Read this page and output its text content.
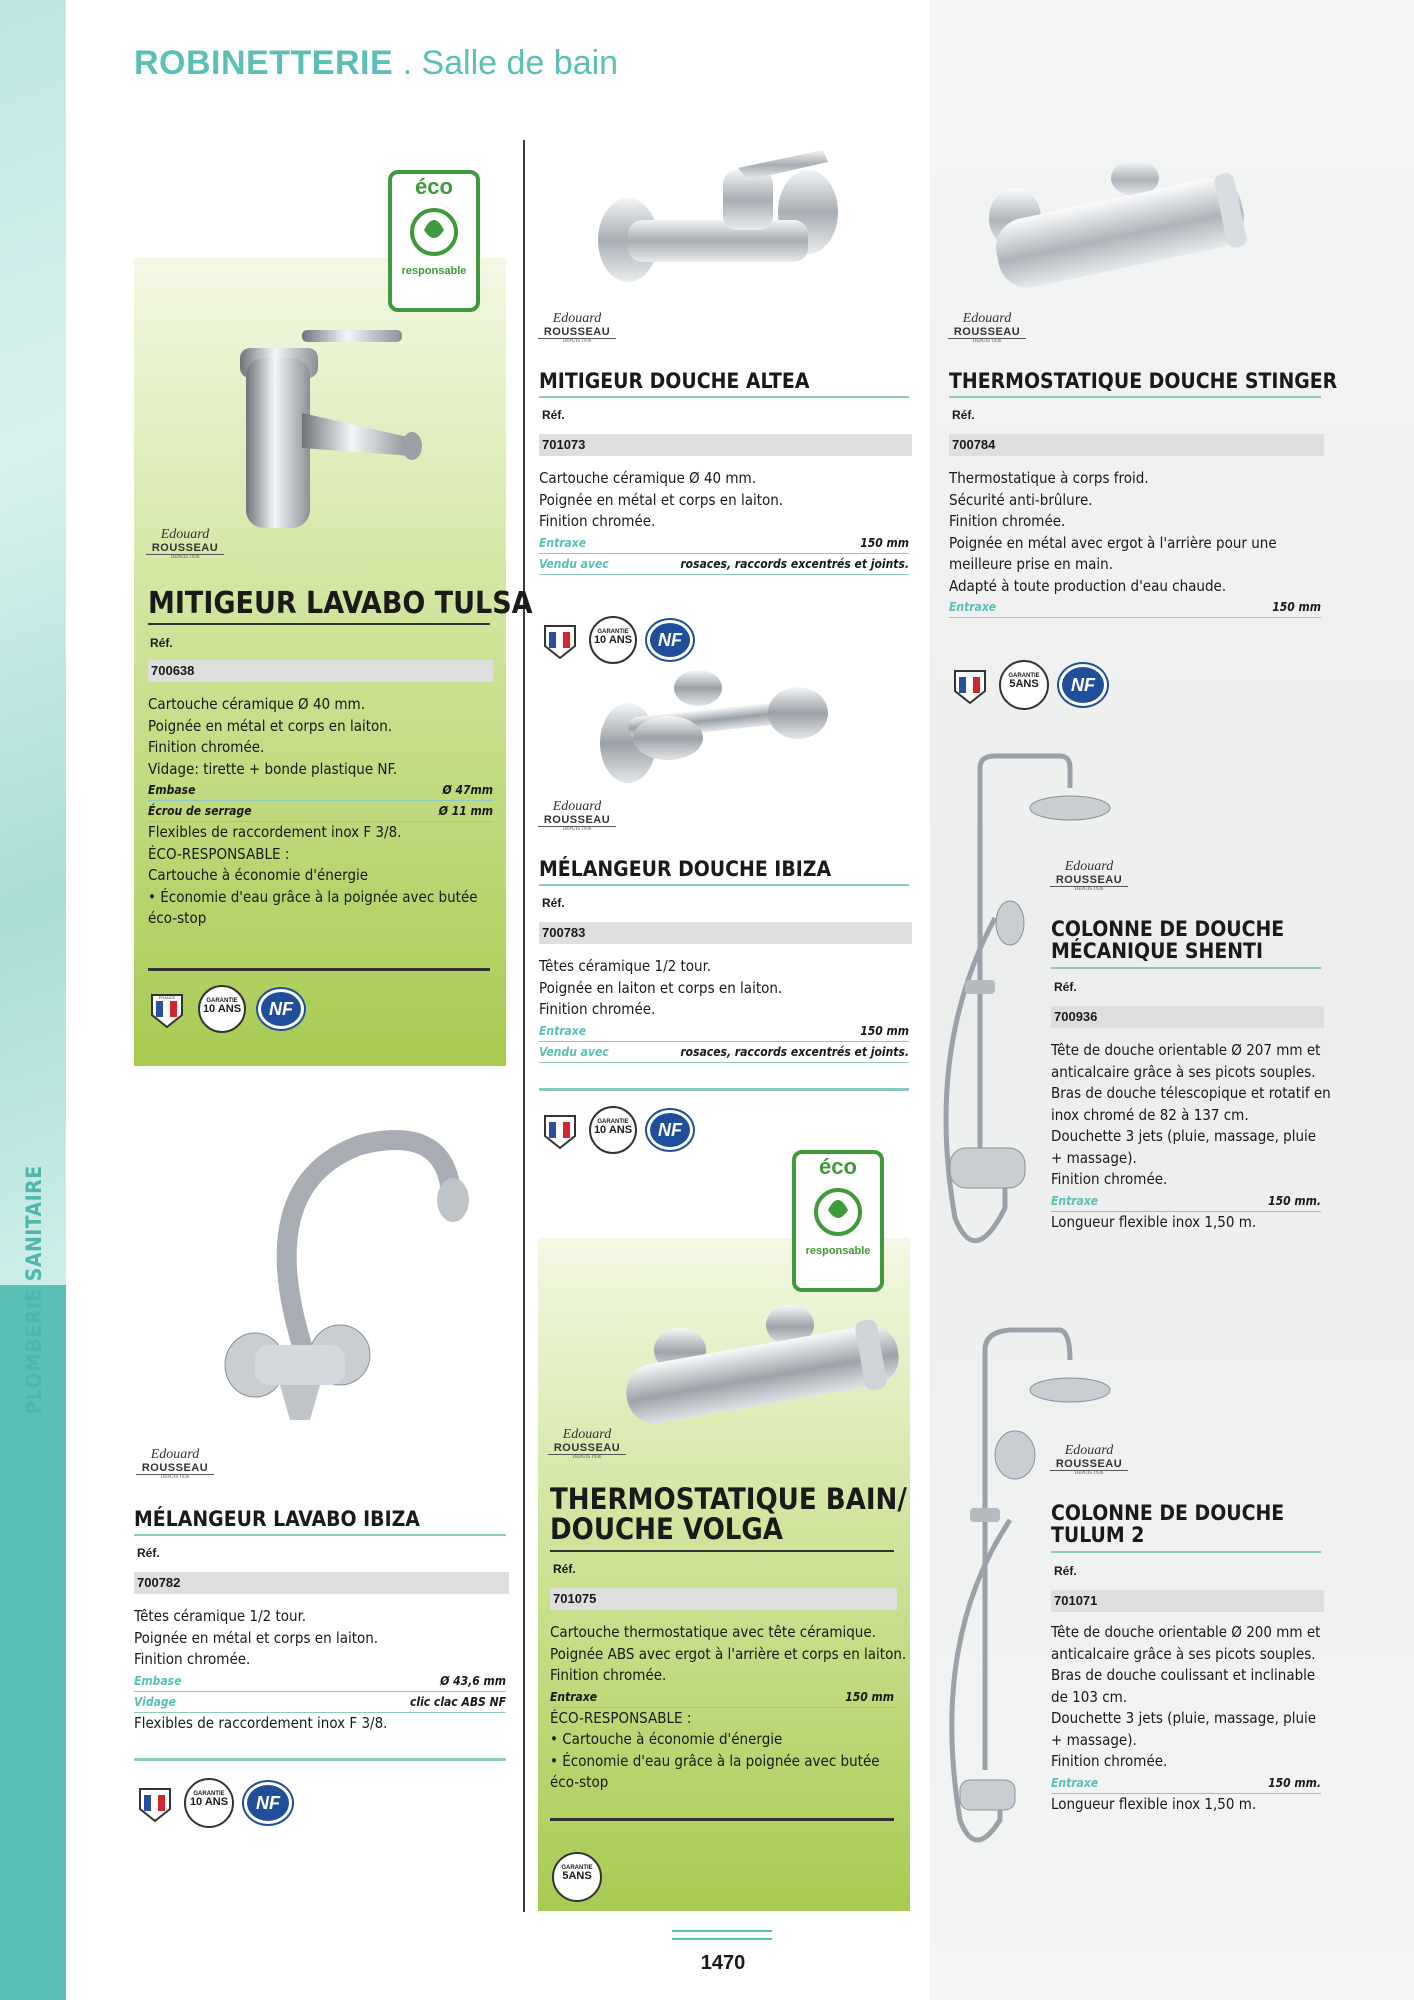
PLOMBERIE SANITAIRE
ROBINETTERIE . Salle de bain
éco
responsable
Edouard
ROUSSEAU
DEPUIS 1936
MITIGEUR LAVABO TULSA
Réf.
700638
Cartouche céramique Ø 40 mm.
Poignée en métal et corps en laiton.
Finition chromée.
Vidage: tirette + bonde plastique NF.
Embase	Ø 47mm
Écrou de serrage	Ø 11 mm
Flexibles de raccordement inox F 3/8.
ÉCO-RESPONSABLE :
Cartouche à économie d'énergie
• Économie d'eau grâce à la poignée avec butée
éco-stop
FRANCE
GARANTIE
10 ANS	NF
Edouard
ROUSSEAU
DEPUIS 1936
MITIGEUR DOUCHE ALTEA
Réf.
701073
Cartouche céramique Ø 40 mm.
Poignée en métal et corps en laiton.
Finition chromée.
Entraxe	150 mm
Vendu avec	rosaces, raccords excentrés et joints.
GARANTIE
10 ANS	NF
Edouard
ROUSSEAU
DEPUIS 1936
THERMOSTATIQUE DOUCHE STINGER
Réf.
700784
Thermostatique à corps froid.
Sécurité anti-brûlure.
Finition chromée.
Poignée en métal avec ergot à l'arrière pour une
meilleure prise en main.
Adapté à toute production d'eau chaude.
Entraxe	150 mm
GARANTIE
5ANS	NF
Edouard
ROUSSEAU
DEPUIS 1936
MÉLANGEUR DOUCHE IBIZA
Réf.
700783
Têtes céramique 1/2 tour.
Poignée en laiton et corps en laiton.
Finition chromée.
Entraxe	150 mm
Vendu avec	rosaces, raccords excentrés et joints.
GARANTIE
10 ANS	NF
Edouard
ROUSSEAU
DEPUIS 1936
COLONNE DE DOUCHE
MÉCANIQUE SHENTI
Réf.
700936
Tête de douche orientable Ø 207 mm et
anticalcaire grâce à ses picots souples.
Bras de douche télescopique et rotatif en
inox chromé de 82 à 137 cm.
Douchette 3 jets (pluie, massage, pluie
+ massage).
Finition chromée.
Entraxe	150 mm.
Longueur flexible inox 1,50 m.
Edouard
ROUSSEAU
DEPUIS 1936
MÉLANGEUR LAVABO IBIZA
Réf.
700782
Têtes céramique 1/2 tour.
Poignée en métal et corps en laiton.
Finition chromée.
Embase	Ø 43,6 mm
Vidage	clic clac ABS NF
Flexibles de raccordement inox F 3/8.
GARANTIE
10 ANS	NF
éco
responsable
Edouard
ROUSSEAU
DEPUIS 1936
THERMOSTATIQUE BAIN/
DOUCHE VOLGA
Réf.
701075
Cartouche thermostatique avec tête céramique.
Poignée ABS avec ergot à l'arrière et corps en laiton.
Finition chromée.
Entraxe	150 mm
ÉCO-RESPONSABLE :
• Cartouche à économie d'énergie
• Économie d'eau grâce à la poignée avec butée
éco-stop
GARANTIE
5ANS
Edouard
ROUSSEAU
DEPUIS 1936
COLONNE DE DOUCHE
TULUM 2
Réf.
701071
Tête de douche orientable Ø 200 mm et
anticalcaire grâce à ses picots souples.
Bras de douche coulissant et inclinable
de 103 cm.
Douchette 3 jets (pluie, massage, pluie
+ massage).
Finition chromée.
Entraxe	150 mm.
Longueur flexible inox 1,50 m.
1470
